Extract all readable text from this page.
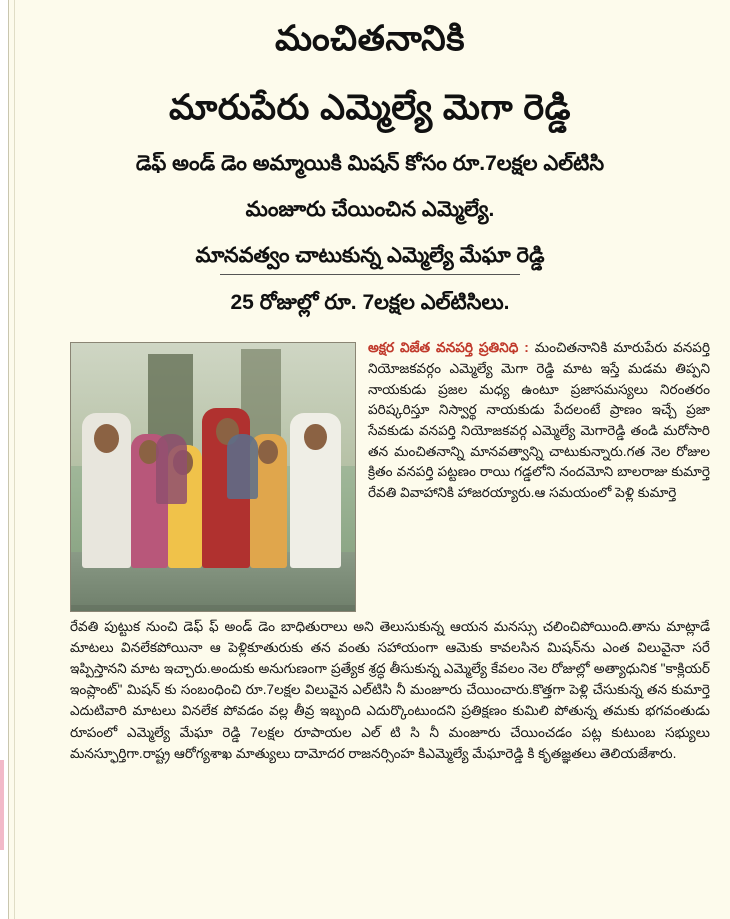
మంచితనానికి
మారుపేరు ఎమ్మెల్యే మెగా రెడ్డి
డెఫ్ అండ్ డెం అమ్మాయికి మిషన్ కోసం రూ.7లక్షల ఎల్‌టిసి
మంజూరు చేయించిన ఎమ్మెల్యే.
మానవత్వం చాటుకున్న ఎమ్మెల్యే మేఘా రెడ్డి
25 రోజుల్లో రూ. 7లక్షల ఎల్‌టిసిలు.
అక్షర విజేత వనపర్తి ప్రతినిధి : మంచితనానికి మారుపేరు వనపర్తి నియోజకవర్గం ఎమ్మెల్యే మెగా రెడ్డి మాట ఇస్తే మడమ తిప్పని నాయకుడు ప్రజల మధ్య ఉంటూ ప్రజాసమస్యలు నిరంతరం పరిష్కరిస్తూ నిస్వార్థ నాయకుడు పేదలంటే ప్రాణం ఇచ్చే ప్రజా సేవకుడు వనపర్తి నియోజకవర్గ ఎమ్మెల్యే మెగారెడ్డి తండి మరోసారి తన మంచితనాన్ని మానవత్వాన్ని చాటుకున్నారు.గత నెల రోజుల క్రితం వనపర్తి పట్టణం రాయి గడ్డలోని నందమోని బాలరాజు కుమార్తె రేవతి వివాహానికి హాజరయ్యారు.ఆ సమయంలో పెళ్లి కుమార్తె
రేవతి పుట్టుక నుంచి డెఫ్ ఫ్ అండ్ డెం బాధితురాలు అని తెలుసుకున్న ఆయన మనస్సు చలించిపోయింది.తాను మాట్లాడే మాటలు వినలేకపోయినా ఆ పెళ్లికూతురుకు తన వంతు సహాయంగా ఆమెకు కావలసిన మిషన్‌ను ఎంత విలువైనా సరే ఇప్పిస్తానని మాట ఇచ్చారు.అందుకు అనుగుణంగా ప్రత్యేక శ్రద్ధ తీసుకున్న ఎమ్మెల్యే కేవలం నెల రోజుల్లో అత్యాధునిక "కాక్లియర్ ఇంప్లాంట్" మిషన్ కు సంబంధించి రూ.7లక్షల విలువైన ఎల్‌టిసి నీ మంజూరు చేయించారు.కొత్తగా పెళ్లి చేసుకున్న తన కుమార్తె ఎదుటివారి మాటలు వినలేక పోవడం వల్ల తీవ్ర ఇబ్బంది ఎదుర్కొంటుందని ప్రతిక్షణం కుమిలి పోతున్న తమకు భగవంతుడు రూపంలో ఎమ్మెల్యే మేఘా రెడ్డి 7లక్షల రూపాయల ఎల్ టి సి నీ మంజూరు చేయించడం పట్ల కుటుంబ సభ్యులు మనస్ఫూర్తిగా.రాష్ట్ర ఆరోగ్యశాఖ మాత్యులు దామోదర రాజనర్సింహ కిఎమ్మెల్యే మేఘారెడ్డి కి కృతజ్ఞతలు తెలియజేశారు.
